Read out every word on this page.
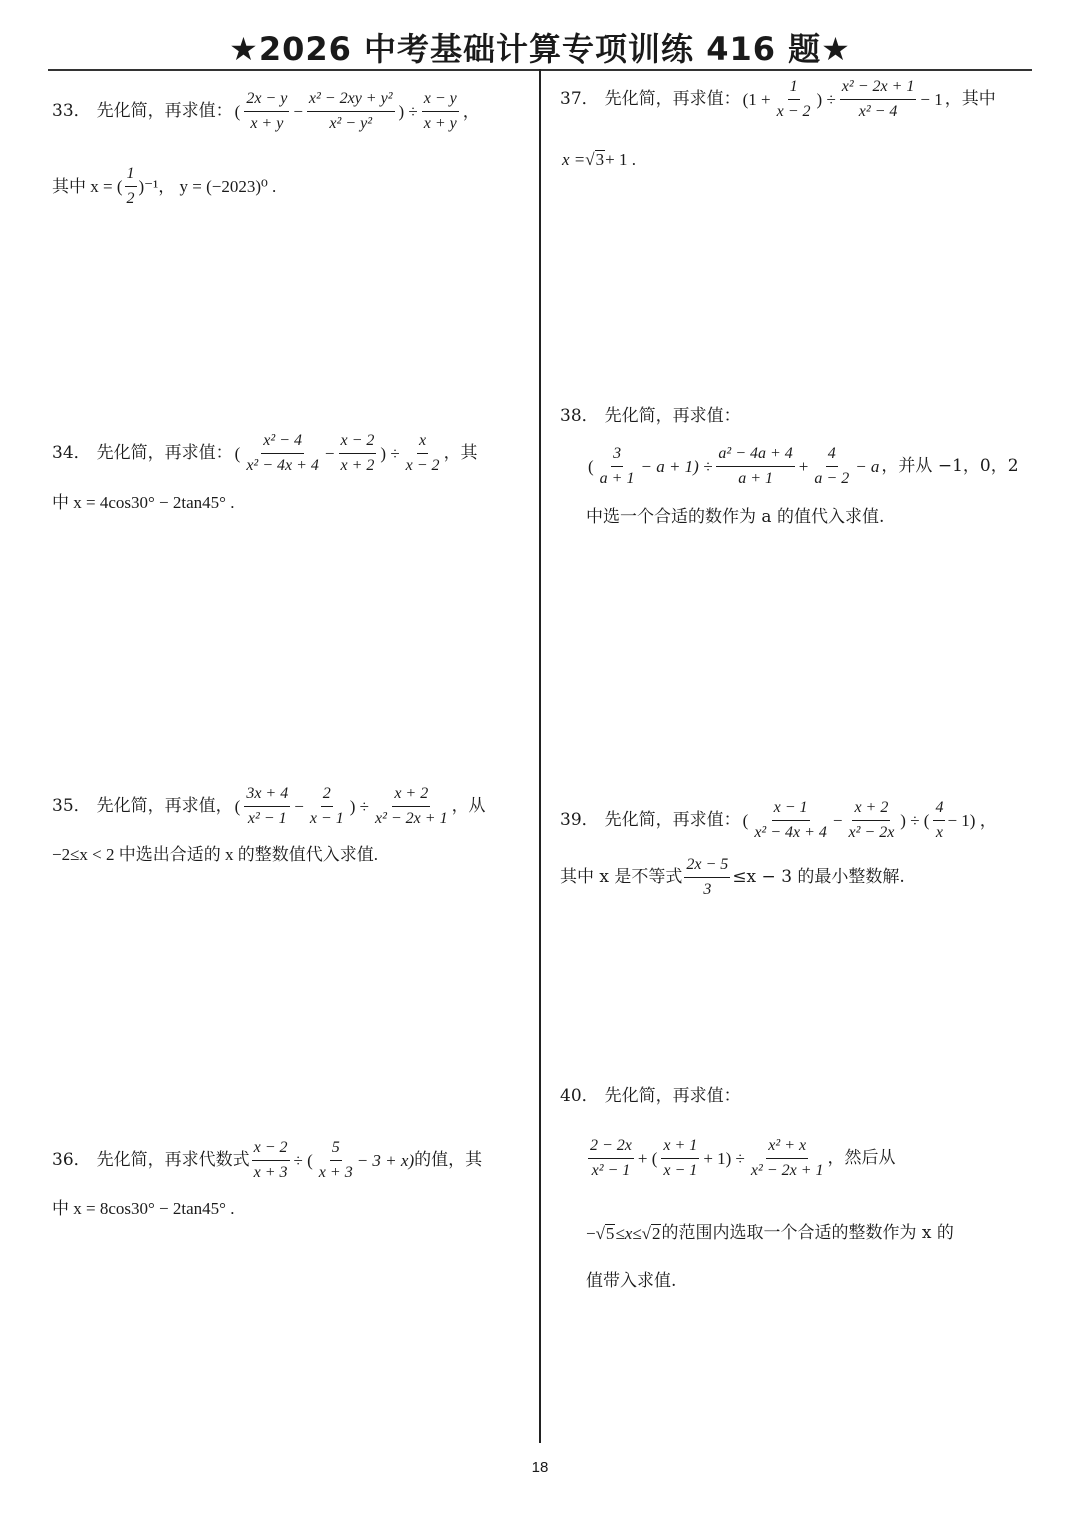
★2026 中考基础计算专项训练 416 题★
33． 先化简，再求值： ( $\frac{2x - y}{x + y} - \frac{\text{x² − 2xy + y²}}{\text{x² − y²}}$ ) ÷ $\frac{x - y}{x + y}$ ，
其中 x = ( $\frac{1}{2} )^{-1}$， y = (−2023)⁰ .
34． 先化简，再求值： ( $\frac{\text{x² − 4}}{\text{x² − 4x + 4}} - \frac{x - 2}{x + 2}$ ) ÷ $\frac{x}{x - 2}$ ，其
中 x = 4cos30° − 2tan45° .
35． 先化简，再求值， ( $\frac{3x + 4}{\text{x² − 1}} - \frac{2}{x - 1}$ ) ÷ $\frac{x + 2}{\text{x² − 2x + 1}}$ ，从
−2≤x < 2 中选出合适的 x 的整数值代入求值.
36． 先化简，再求代数式 $\frac{x - 2}{x + 3}$ ÷ ( $\frac{5}{x + 3} - 3 + x$) 的值，其
中 x = 8cos30° − 2tan45° .
37． 先化简，再求值： ($1 + \frac{1}{x - 2}$ ) ÷ $\frac{\text{x² − 2x + 1}}{\text{x² − 4}} - 1$ ，其中
x = √ 3 + 1 .
38． 先化简，再求值：
( $\frac{3}{a + 1} - a + 1) \div \frac{\text{a² − 4a + 4}}{a + 1} + \frac{4}{a - 2} - a$ ，并从 −1，0，2
中选一个合适的数作为 a 的值代入求值.
39． 先化简，再求值： ( $\frac{x - 1}{\text{x² − 4x + 4}} - \frac{x + 2}{\text{x² − 2x}}$ ) ÷ ( $\frac{4}{x} - 1$) ，
其中 x 是不等式 $\frac{2x - 5}{3} \le x - 3$ 的最小整数解.
40． 先化简，再求值：
$\frac{2 - 2x}{\text{x² − 1}}$ + ( $\frac{x + 1}{x - 1} + 1) \div \frac{\text{x² + x}}{\text{x² − 2x + 1}}$ ，然后从
−√ 5 ≤x≤ √ 2 的范围内选取一个合适的整数作为 x 的
值带入求值.
18
